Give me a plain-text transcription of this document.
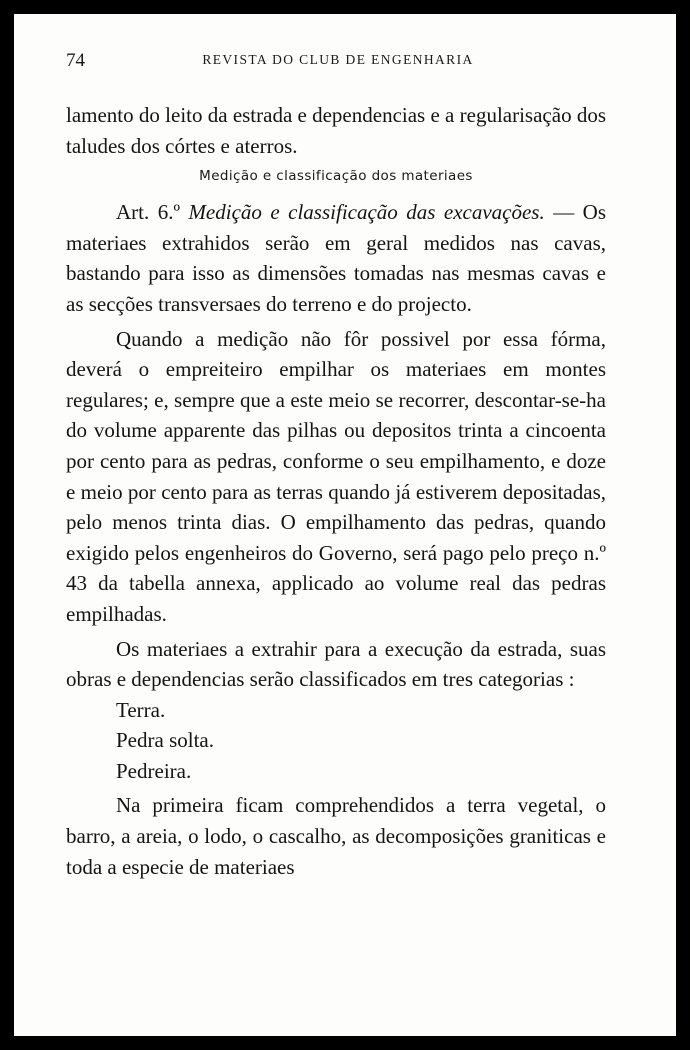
74	REVISTA DO CLUB DE ENGENHARIA

lamento do leito da estrada e dependencias e a regularisação dos taludes dos córtes e aterros.

Medição e classificação dos materiaes

Art. 6.º Medição e classificação das excavações. — Os materiaes extrahidos serão em geral medidos nas cavas, bastando para isso as dimensões tomadas nas mesmas cavas e as secções transversaes do terreno e do projecto.

Quando a medição não fôr possivel por essa fórma, deverá o empreiteiro empilhar os materiaes em montes regulares; e, sempre que a este meio se recorrer, descontar-se-ha do volume apparente das pilhas ou depositos trinta a cincoenta por cento para as pedras, conforme o seu empilhamento, e doze e meio por cento para as terras quando já estiverem depositadas, pelo menos trinta dias. O empilhamento das pedras, quando exigido pelos engenheiros do Governo, será pago pelo preço n.º 43 da tabella annexa, applicado ao volume real das pedras empilhadas.

Os materiaes a extrahir para a execução da estrada, suas obras e dependencias serão classificados em tres categorias :

Terra.
Pedra solta.
Pedreira.

Na primeira ficam comprehendidos a terra vegetal, o barro, a areia, o lodo, o cascalho, as decomposições graniticas e toda a especie de materiaes
